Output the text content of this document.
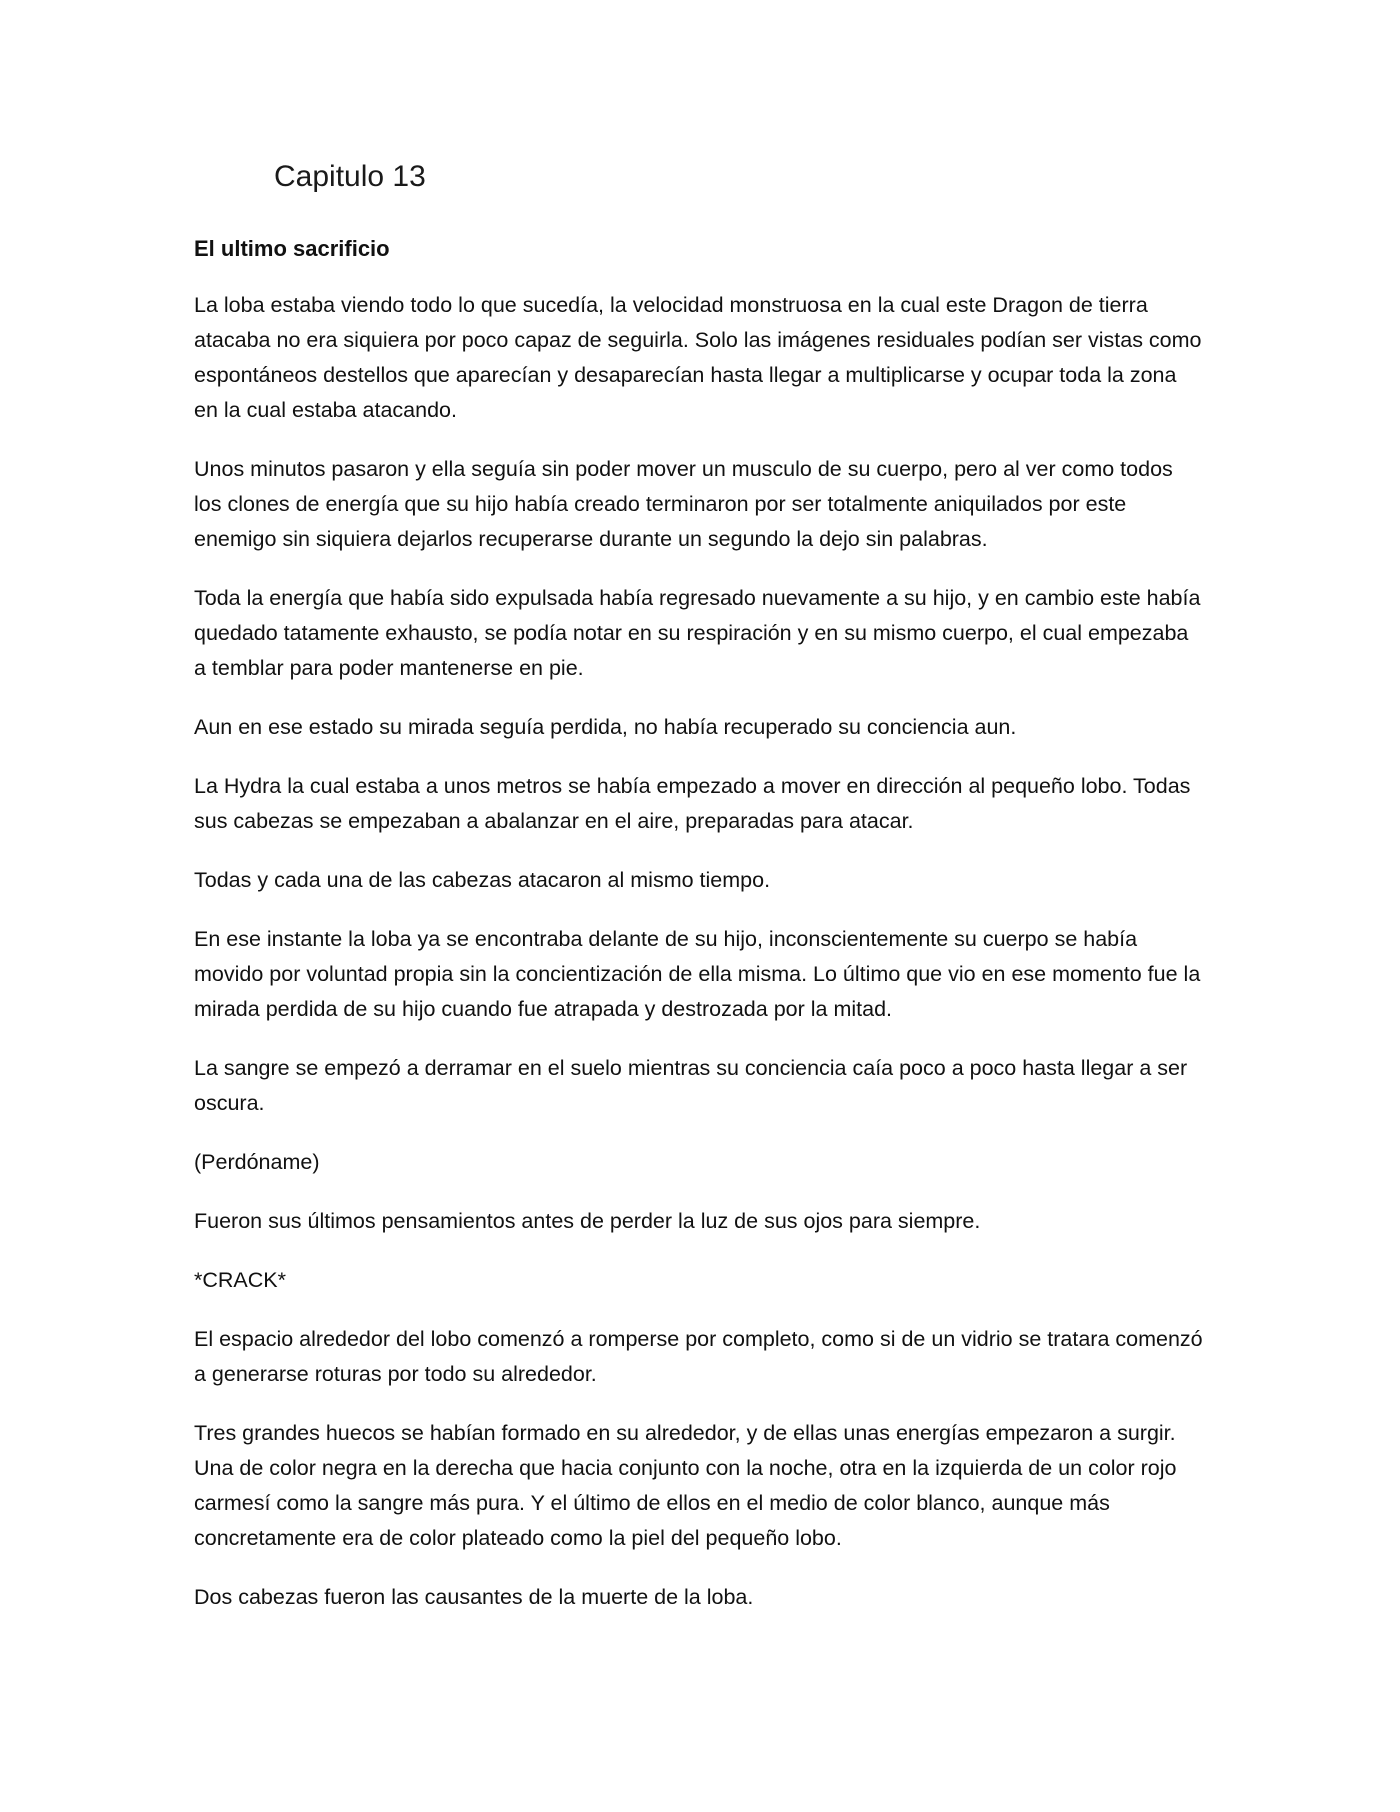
Capitulo 13
El ultimo sacrificio

La loba estaba viendo todo lo que sucedía, la velocidad monstruosa en la cual este Dragon de tierra atacaba no era siquiera por poco capaz de seguirla. Solo las imágenes residuales podían ser vistas como espontáneos destellos que aparecían y desaparecían hasta llegar a multiplicarse y ocupar toda la zona en la cual estaba atacando.

Unos minutos pasaron y ella seguía sin poder mover un musculo de su cuerpo, pero al ver como todos los clones de energía que su hijo había creado terminaron por ser totalmente aniquilados por este enemigo sin siquiera dejarlos recuperarse durante un segundo la dejo sin palabras.

Toda la energía que había sido expulsada había regresado nuevamente a su hijo, y en cambio este había quedado tatamente exhausto, se podía notar en su respiración y en su mismo cuerpo, el cual empezaba a temblar para poder mantenerse en pie.

Aun en ese estado su mirada seguía perdida, no había recuperado su conciencia aun.

La Hydra la cual estaba a unos metros se había empezado a mover en dirección al pequeño lobo. Todas sus cabezas se empezaban a abalanzar en el aire, preparadas para atacar.

Todas y cada una de las cabezas atacaron al mismo tiempo.

En ese instante la loba ya se encontraba delante de su hijo, inconscientemente su cuerpo se había movido por voluntad propia sin la concientización de ella misma. Lo último que vio en ese momento fue la mirada perdida de su hijo cuando fue atrapada y destrozada por la mitad.

La sangre se empezó a derramar en el suelo mientras su conciencia caía poco a poco hasta llegar a ser oscura.

(Perdóname)

Fueron sus últimos pensamientos antes de perder la luz de sus ojos para siempre.

*CRACK*

El espacio alrededor del lobo comenzó a romperse por completo, como si de un vidrio se tratara comenzó a generarse roturas por todo su alrededor.

Tres grandes huecos se habían formado en su alrededor, y de ellas unas energías empezaron a surgir. Una de color negra en la derecha que hacia conjunto con la noche, otra en la izquierda de un color rojo carmesí como la sangre más pura. Y el último de ellos en el medio de color blanco, aunque más concretamente era de color plateado como la piel del pequeño lobo.

Dos cabezas fueron las causantes de la muerte de la loba.
